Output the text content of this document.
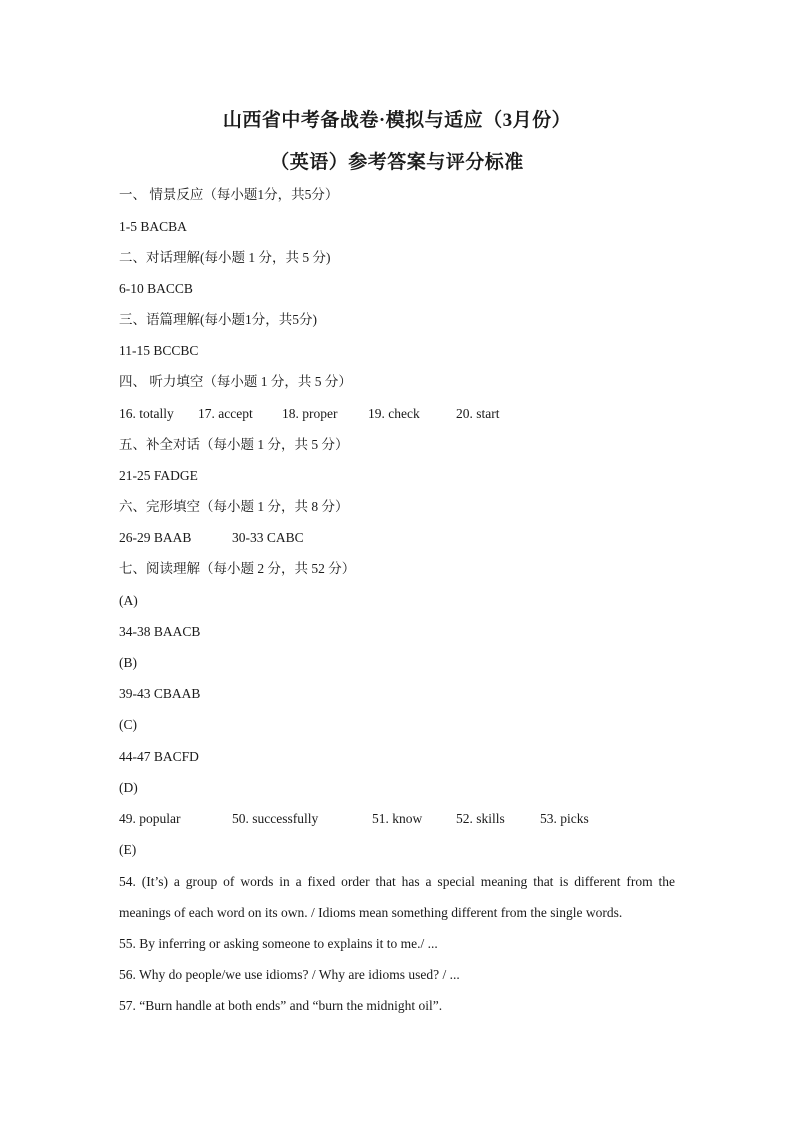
山西省中考备战卷·模拟与适应（3月份）
（英语）参考答案与评分标准
一、 情景反应（每小题1分，共5分）
1-5 BACBA
二、对话理解(每小题 1 分，共 5 分)
6-10 BACCB
三、语篇理解(每小题1分，共5分)
11-15 BCCBC
四、 听力填空（每小题 1 分，共 5 分）
16. totally 17. accept 18. proper 19. check	20. start
五、补全对话（每小题 1 分，共 5 分）
21-25 FADGE
六、完形填空（每小题 1 分，共 8 分）
26-29 BAAB	30-33 CABC
七、阅读理解（每小题 2 分，共 52 分）
(A)
34-38 BAACB
(B)
39-43 CBAAB
(C)
44-47 BACFD
(D)
49. popular	50. successfully	51. know	52. skills	53. picks
(E)
54. (It’s) a group of words in a fixed order that has a special meaning that is different from the meanings of each word on its own. / Idioms mean something different from the single words.
55. By inferring or asking someone to explains it to me./ ...
56. Why do people/we use idioms? / Why are idioms used? / ...
57. “Burn handle at both ends” and “burn the midnight oil”.
